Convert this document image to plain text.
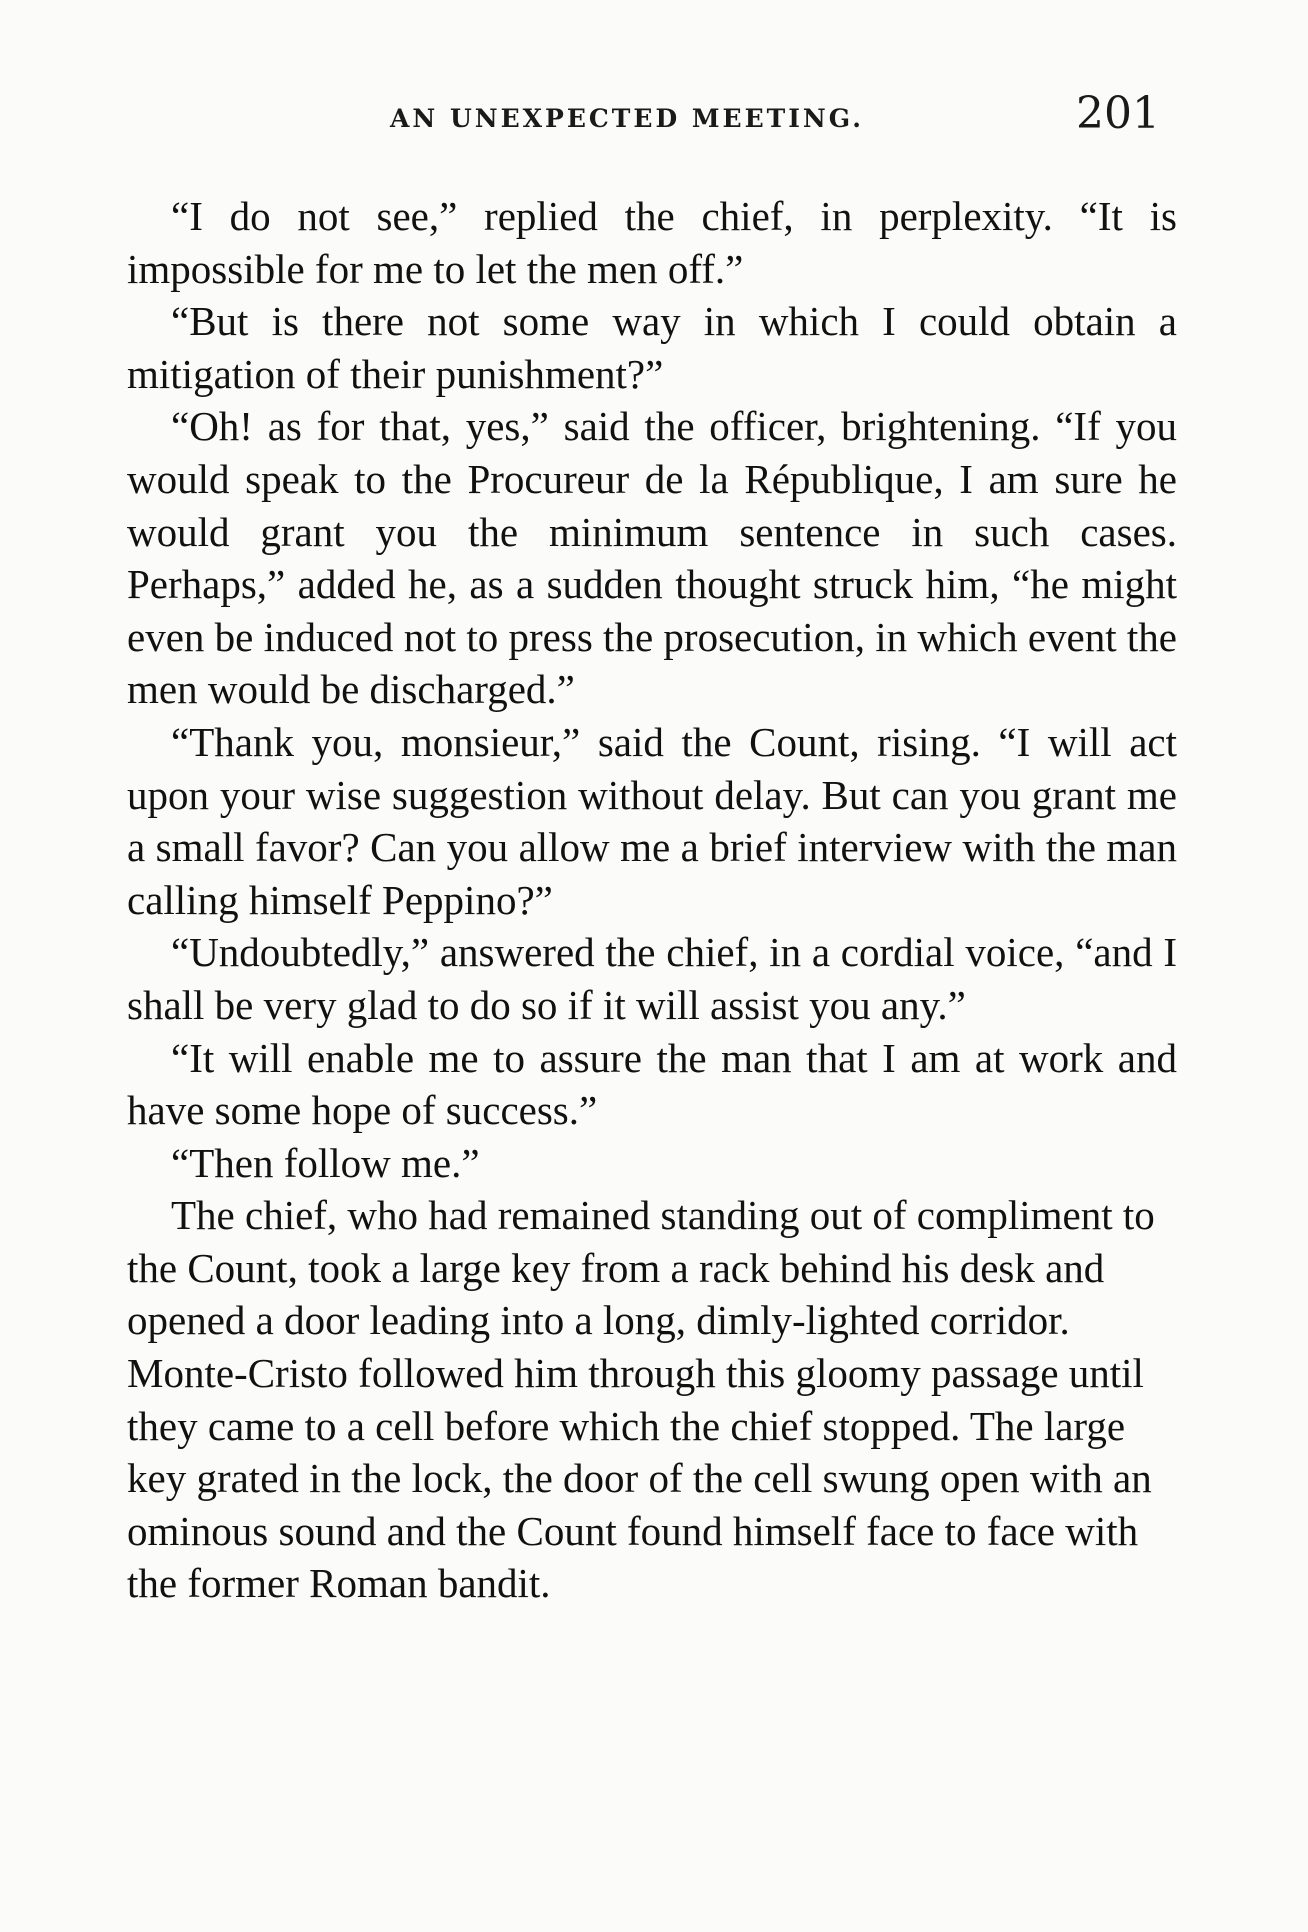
AN UNEXPECTED MEETING.	201

“I do not see,” replied the chief, in perplexity. “It is impossible for me to let the men off.”

“But is there not some way in which I could obtain a mitigation of their punishment?”

“Oh! as for that, yes,” said the officer, brightening. “If you would speak to the Procureur de la République, I am sure he would grant you the minimum sentence in such cases. Perhaps,” added he, as a sudden thought struck him, “he might even be induced not to press the prosecution, in which event the men would be discharged.”

“Thank you, monsieur,” said the Count, rising. “I will act upon your wise suggestion without delay. But can you grant me a small favor? Can you allow me a brief interview with the man calling himself Peppino?”

“Undoubtedly,” answered the chief, in a cordial voice, “and I shall be very glad to do so if it will assist you any.”

“It will enable me to assure the man that I am at work and have some hope of success.”

“Then follow me.”

The chief, who had remained standing out of compliment to the Count, took a large key from a rack behind his desk and opened a door leading into a long, dimly-lighted corridor. Monte-Cristo followed him through this gloomy passage until they came to a cell before which the chief stopped. The large key grated in the lock, the door of the cell swung open with an ominous sound and the Count found himself face to face with the former Roman bandit.
